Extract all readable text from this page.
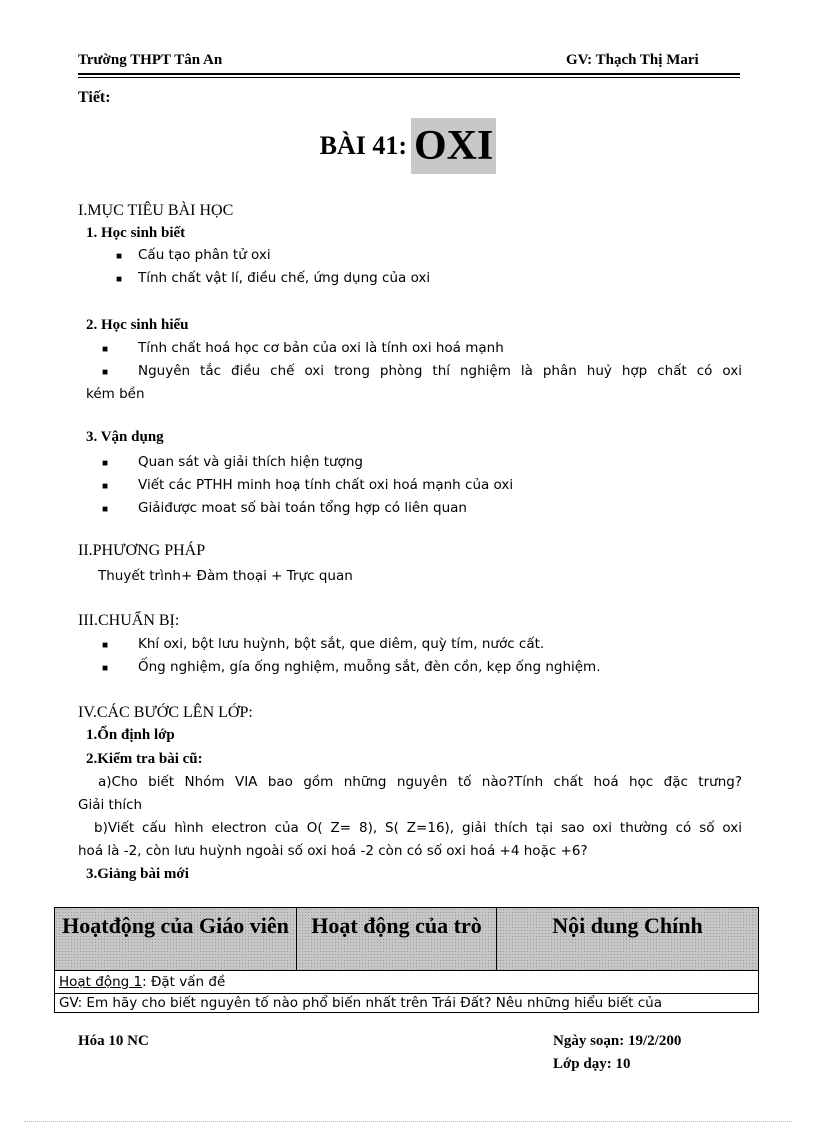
Trường THPT Tân An	GV: Thạch Thị Mari
Tiết:
BÀI 41: OXI
I.MỤC TIÊU BÀI HỌC
1. Học sinh biết
■ Cấu tạo phân tử oxi
■ Tính chất vật lí, điều chế, ứng dụng của oxi
2. Học sinh hiểu
■ Tính chất hoá học cơ bản của oxi là tính oxi hoá mạnh
■ Nguyên tắc điều chế oxi trong phòng thí nghiệm là phân huỷ hợp chất có oxi
kém bền
3. Vận dụng
■ Quan sát và giải thích hiện tượng
■ Viết các PTHH minh hoạ tính chất oxi hoá mạnh của oxi
■ Giảiđược moat số bài toán tổng hợp có liên quan
II.PHƯƠNG PHÁP
Thuyết trình+ Đàm thoại + Trực quan
III.CHUẨN BỊ:
■ Khí oxi, bột lưu huỳnh, bột sắt, que diêm, quỳ tím, nước cất.
■ Ống nghiệm, gía ống nghiệm, muỗng sắt, đèn cồn, kẹp ống nghiệm.
IV.CÁC BƯỚC LÊN LỚP:
1.Ổn định lớp
2.Kiểm tra bài cũ:
a)Cho biết Nhóm VIA bao gồm những nguyên tố nào?Tính chất hoá học đặc trưng?
Giải thích
b)Viết cấu hình electron của O( Z= 8), S( Z=16), giải thích tại sao oxi thường có số oxi
hoá là -2, còn lưu huỳnh ngoài số oxi hoá -2 còn có số oxi hoá +4 hoặc +6?
3.Giảng bài mới
Hoạtđộng của Giáo viên	Hoạt động của trò	Nội dung Chính
Hoạt động 1: Đặt vấn đề
GV: Em hãy cho biết nguyên tố nào phổ biến nhất trên Trái Đất? Nêu những hiểu biết của
Hóa 10 NC	Ngày soạn: 19/2/200
Lớp dạy: 10
